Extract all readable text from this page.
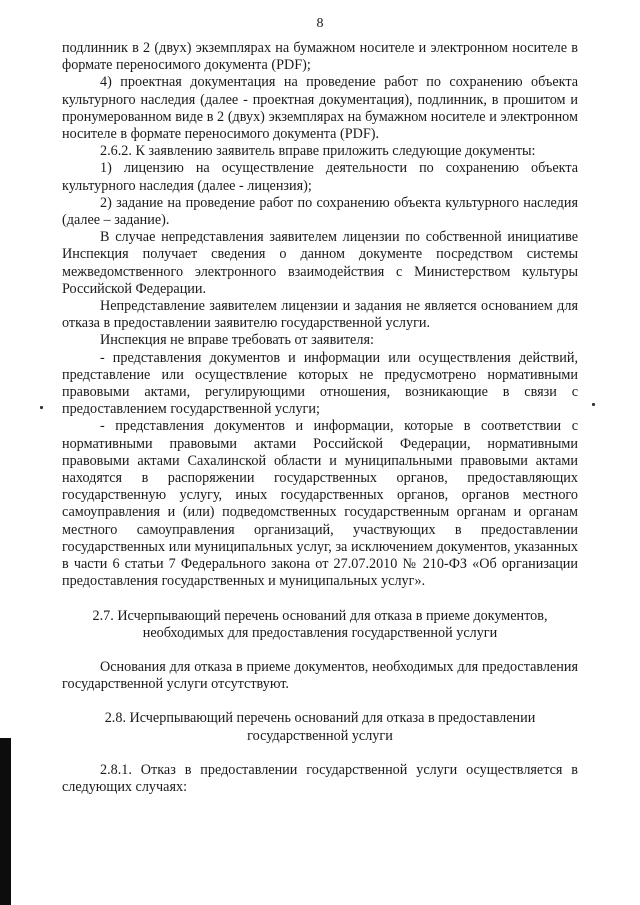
8

подлинник в 2 (двух) экземплярах на бумажном носителе и электронном носителе в формате переносимого документа (PDF);

4) проектная документация на проведение работ по сохранению объекта культурного наследия (далее - проектная документация), подлинник, в прошитом и пронумерованном виде в 2 (двух) экземплярах на бумажном носителе и электронном носителе в формате переносимого документа (PDF).

2.6.2. К заявлению заявитель вправе приложить следующие документы:

1) лицензию на осуществление деятельности по сохранению объекта культурного наследия (далее - лицензия);

2) задание на проведение работ по сохранению объекта культурного наследия (далее – задание).

В случае непредставления заявителем лицензии по собственной инициативе Инспекция получает сведения о данном документе посредством системы межведомственного электронного взаимодействия с Министерством культуры Российской Федерации.

Непредставление заявителем лицензии и задания не является основанием для отказа в предоставлении заявителю государственной услуги.

Инспекция не вправе требовать от заявителя:

- представления документов и информации или осуществления действий, представление или осуществление которых не предусмотрено нормативными правовыми актами, регулирующими отношения, возникающие в связи с предоставлением государственной услуги;

- представления документов и информации, которые в соответствии с нормативными правовыми актами Российской Федерации, нормативными правовыми актами Сахалинской области и муниципальными правовыми актами находятся в распоряжении государственных органов, предоставляющих государственную услугу, иных государственных органов, органов местного самоуправления и (или) подведомственных государственным органам и органам местного самоуправления организаций, участвующих в предоставлении государственных или муниципальных услуг, за исключением документов, указанных в части 6 статьи 7 Федерального закона от 27.07.2010 № 210-ФЗ «Об организации предоставления государственных и муниципальных услуг».

2.7. Исчерпывающий перечень оснований для отказа в приеме документов, необходимых для предоставления государственной услуги

Основания для отказа в приеме документов, необходимых для предоставления государственной услуги отсутствуют.

2.8. Исчерпывающий перечень оснований для отказа в предоставлении государственной услуги

2.8.1. Отказ в предоставлении государственной услуги осуществляется в следующих случаях:
